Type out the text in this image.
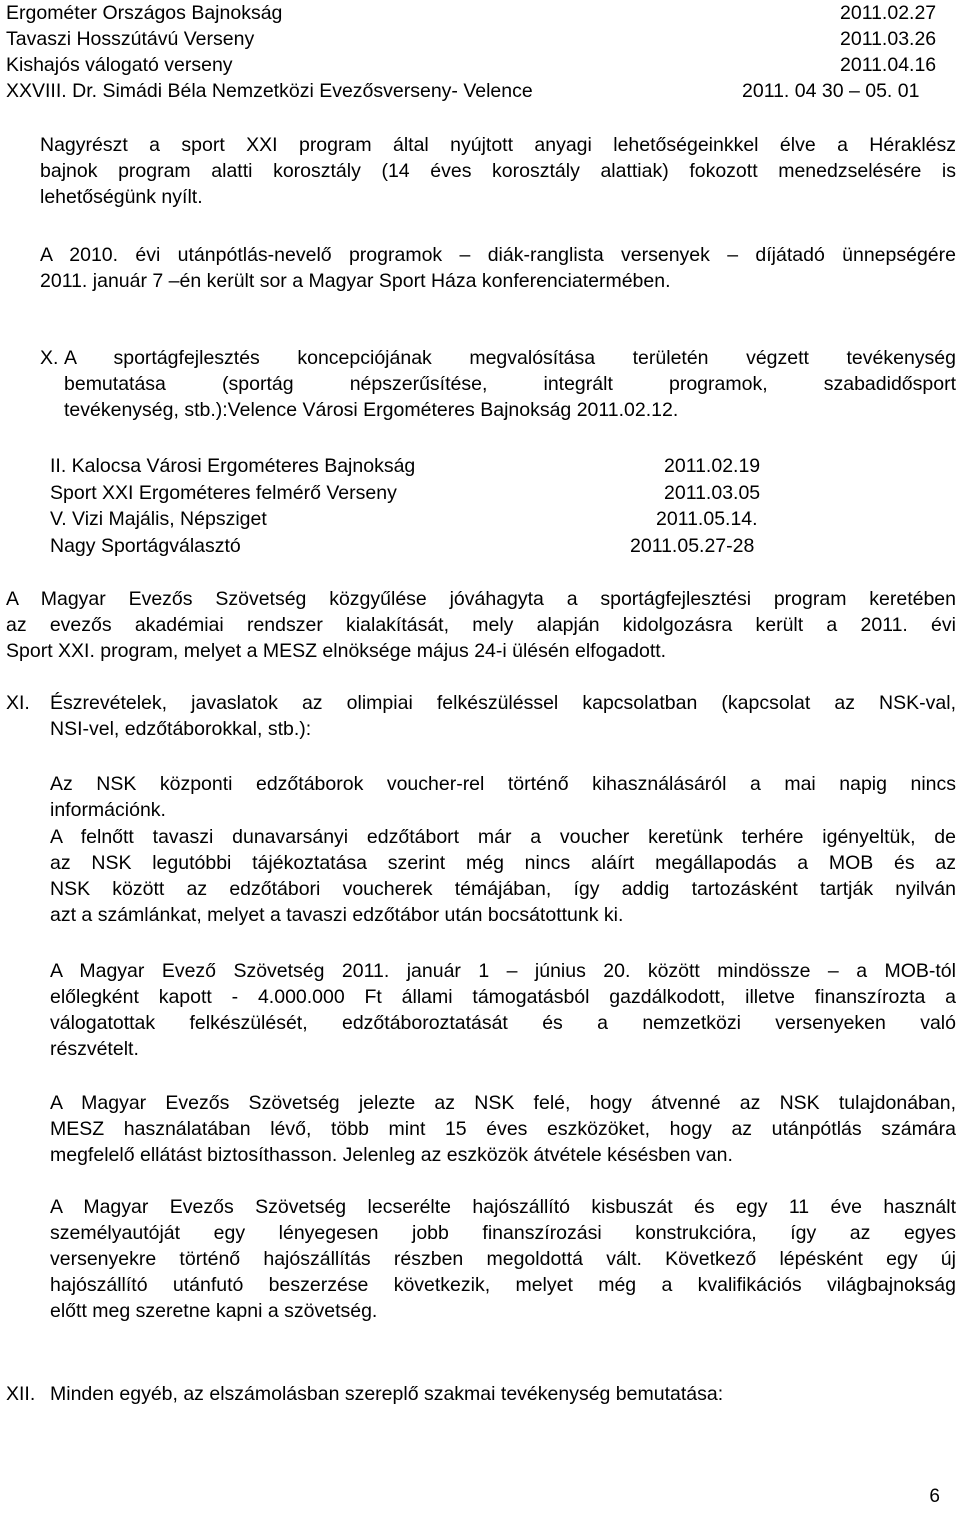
Ergométer Országos Bajnokság	2011.02.27
Tavaszi Hosszútávú Verseny	2011.03.26
Kishajós válogató verseny	2011.04.16
XXVIII. Dr. Simádi Béla Nemzetközi Evezősverseny- Velence	2011. 04 30 – 05. 01
Nagyrészt a sport XXI program által nyújtott anyagi lehetőségeinkkel élve a Héraklész
bajnok program alatti korosztály (14 éves korosztály alattiak) fokozott menedzselésére is
lehetőségünk nyílt.
A 2010. évi utánpótlás-nevelő programok – diák-ranglista versenyek – díjátadó ünnepségére
2011. január 7 –én került sor a Magyar Sport Háza konferenciatermében.
X. A sportágfejlesztés koncepciójának megvalósítása területén végzett tevékenység
bemutatása (sportág népszerűsítése, integrált programok, szabadidősport
tevékenység, stb.):Velence Városi Ergométeres Bajnokság 2011.02.12.
II. Kalocsa Városi Ergométeres Bajnokság	2011.02.19
Sport XXI Ergométeres felmérő Verseny	2011.03.05
V. Vizi Majális, Népsziget	2011.05.14.
Nagy Sportágválasztó	2011.05.27-28
A Magyar Evezős Szövetség közgyűlése jóváhagyta a sportágfejlesztési program keretében
az evezős akadémiai rendszer kialakítását, mely alapján kidolgozásra került a 2011. évi
Sport XXI. program, melyet a MESZ elnöksége május 24-i ülésén elfogadott.
XI. Észrevételek, javaslatok az olimpiai felkészüléssel kapcsolatban (kapcsolat az NSK-val,
NSI-vel, edzőtáborokkal, stb.):
Az NSK központi edzőtáborok voucher-rel történő kihasználásáról a mai napig nincs
információnk.
A felnőtt tavaszi dunavarsányi edzőtábort már a voucher keretünk terhére igényeltük, de
az NSK legutóbbi tájékoztatása szerint még nincs aláírt megállapodás a MOB és az
NSK között az edzőtábori voucherek témájában, így addig tartozásként tartják nyilván
azt a számlánkat, melyet a tavaszi edzőtábor után bocsátottunk ki.
A Magyar Evező Szövetség 2011. január 1 – június 20. között mindössze – a MOB-tól
előlegként kapott - 4.000.000 Ft állami támogatásból gazdálkodott, illetve finanszírozta a
válogatottak felkészülését, edzőtáboroztatását és a nemzetközi versenyeken való
részvételt.
A Magyar Evezős Szövetség jelezte az NSK felé, hogy átvenné az NSK tulajdonában,
MESZ használatában lévő, több mint 15 éves eszközöket, hogy az utánpótlás számára
megfelelő ellátást biztosíthasson. Jelenleg az eszközök átvétele késésben van.
A Magyar Evezős Szövetség lecserélte hajószállító kisbuszát és egy 11 éve használt
személyautóját egy lényegesen jobb finanszírozási konstrukcióra, így az egyes
versenyekre történő hajószállítás részben megoldottá vált. Következő lépésként egy új
hajószállító utánfutó beszerzése következik, melyet még a kvalifikációs világbajnokság
előtt meg szeretne kapni a szövetség.
XII. Minden egyéb, az elszámolásban szereplő szakmai tevékenység bemutatása:
6
